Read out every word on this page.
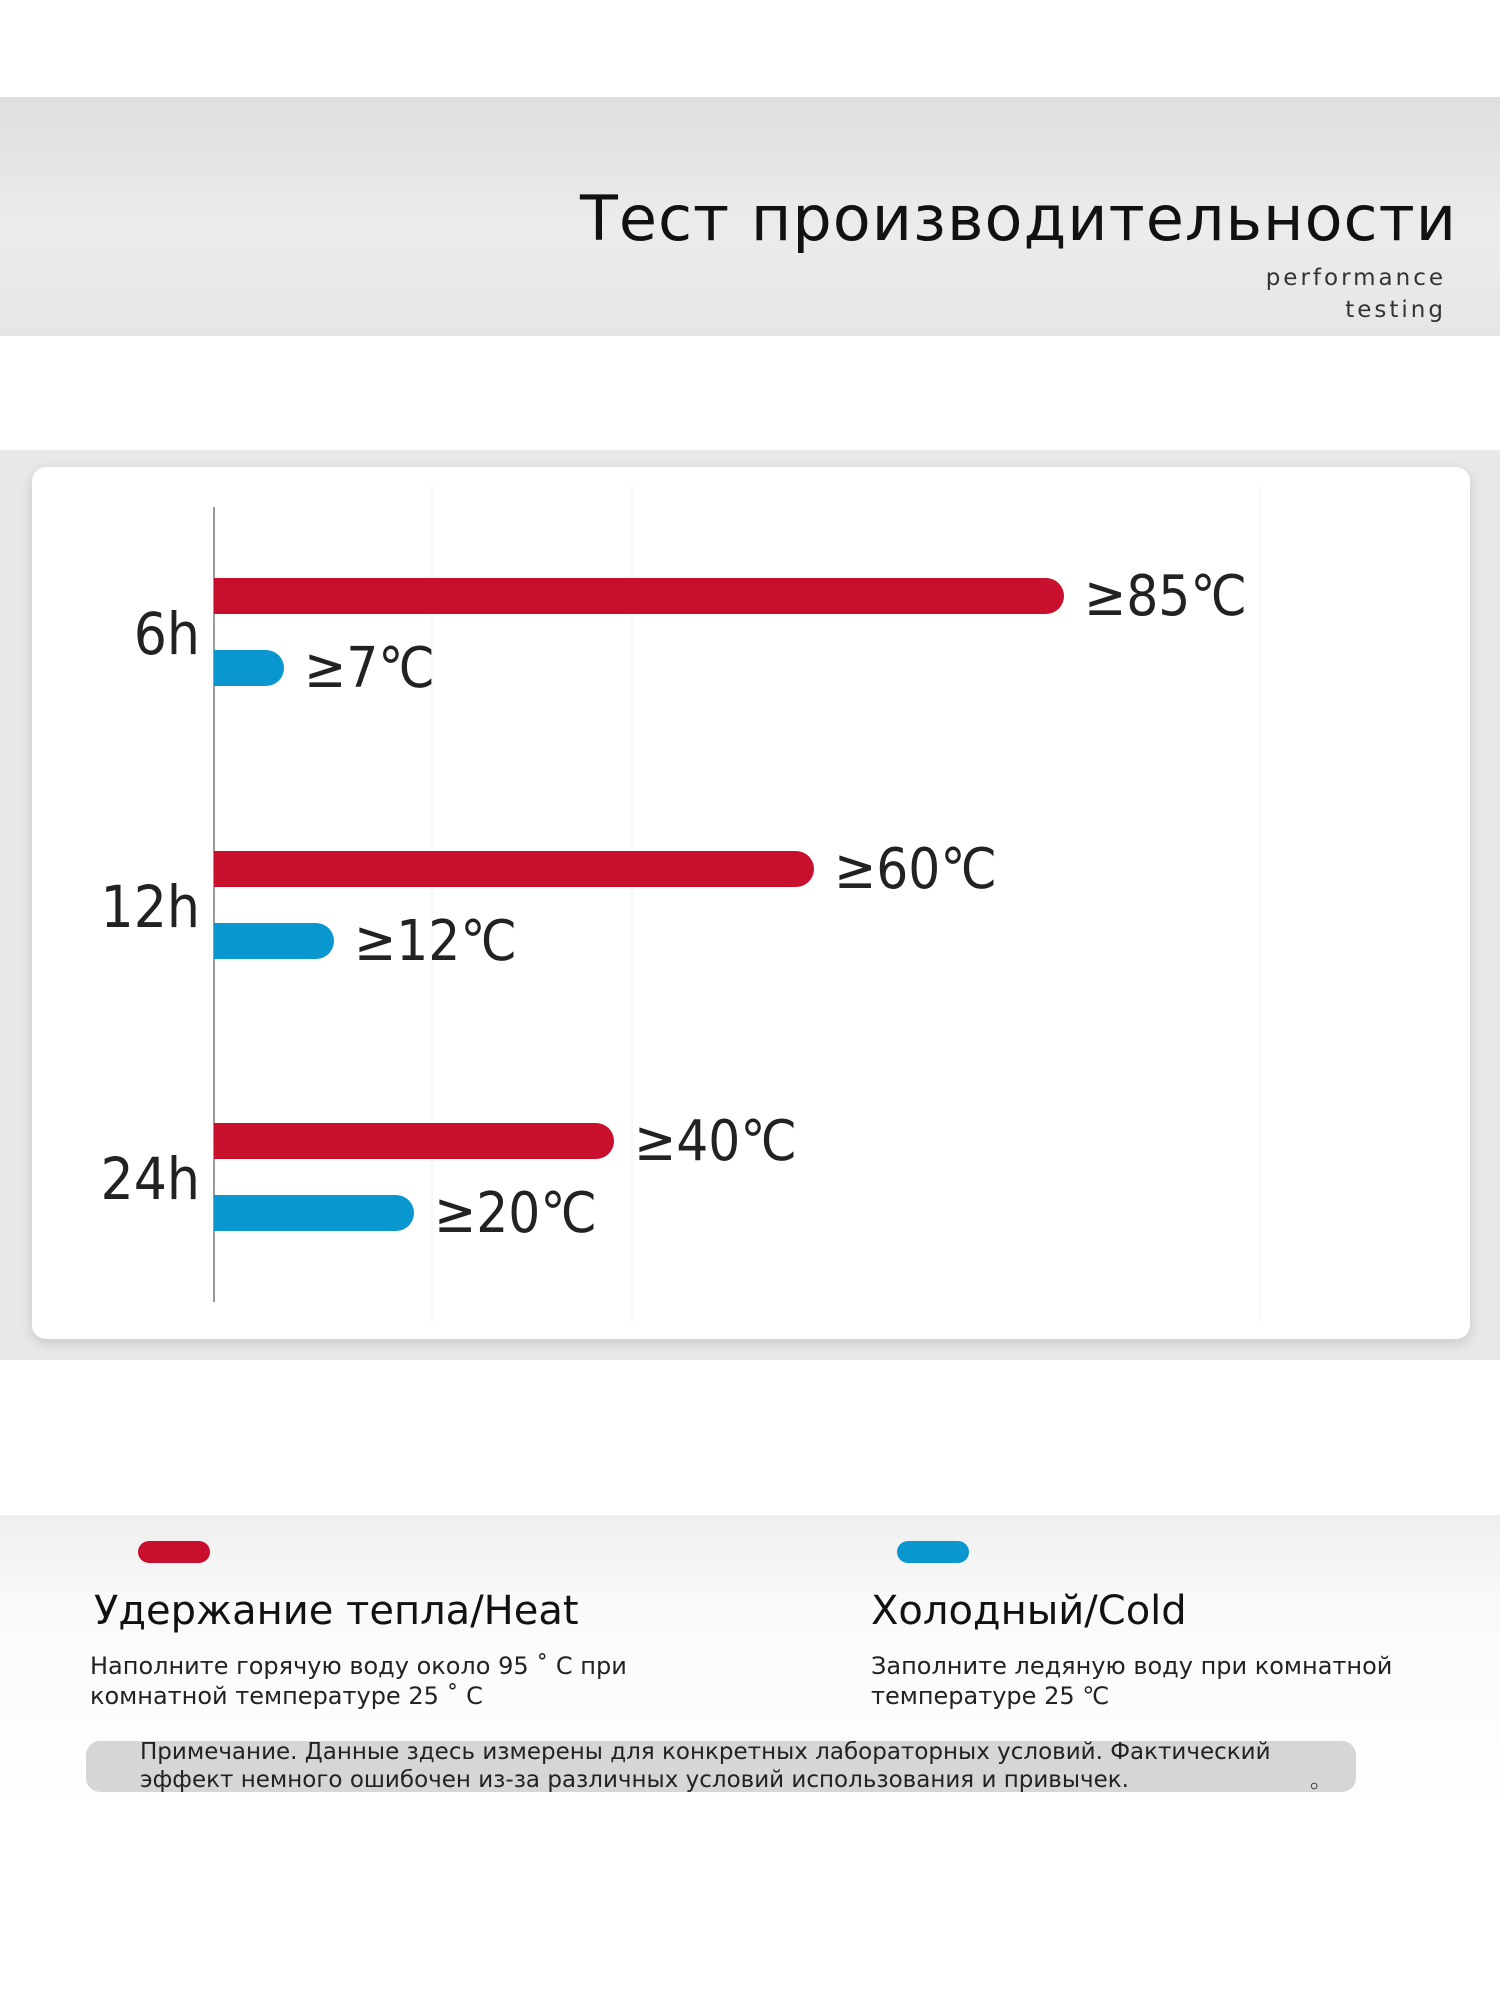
Тест производительности
performance testing
6h
≥85℃
≥7℃
12h
≥60℃
≥12℃
24h
≥40℃
≥20℃
Удержание тепла/Heat
Наполните горячую воду около 95 ˚ C при
комнатной температуре 25 ˚ C
Холодный/Cold
Заполните ледяную воду при комнатной
температуре 25 ℃
Примечание. Данные здесь измерены для конкретных лабораторных условий. Фактический
эффект немного ошибочен из-за различных условий использования и привычек.	。
